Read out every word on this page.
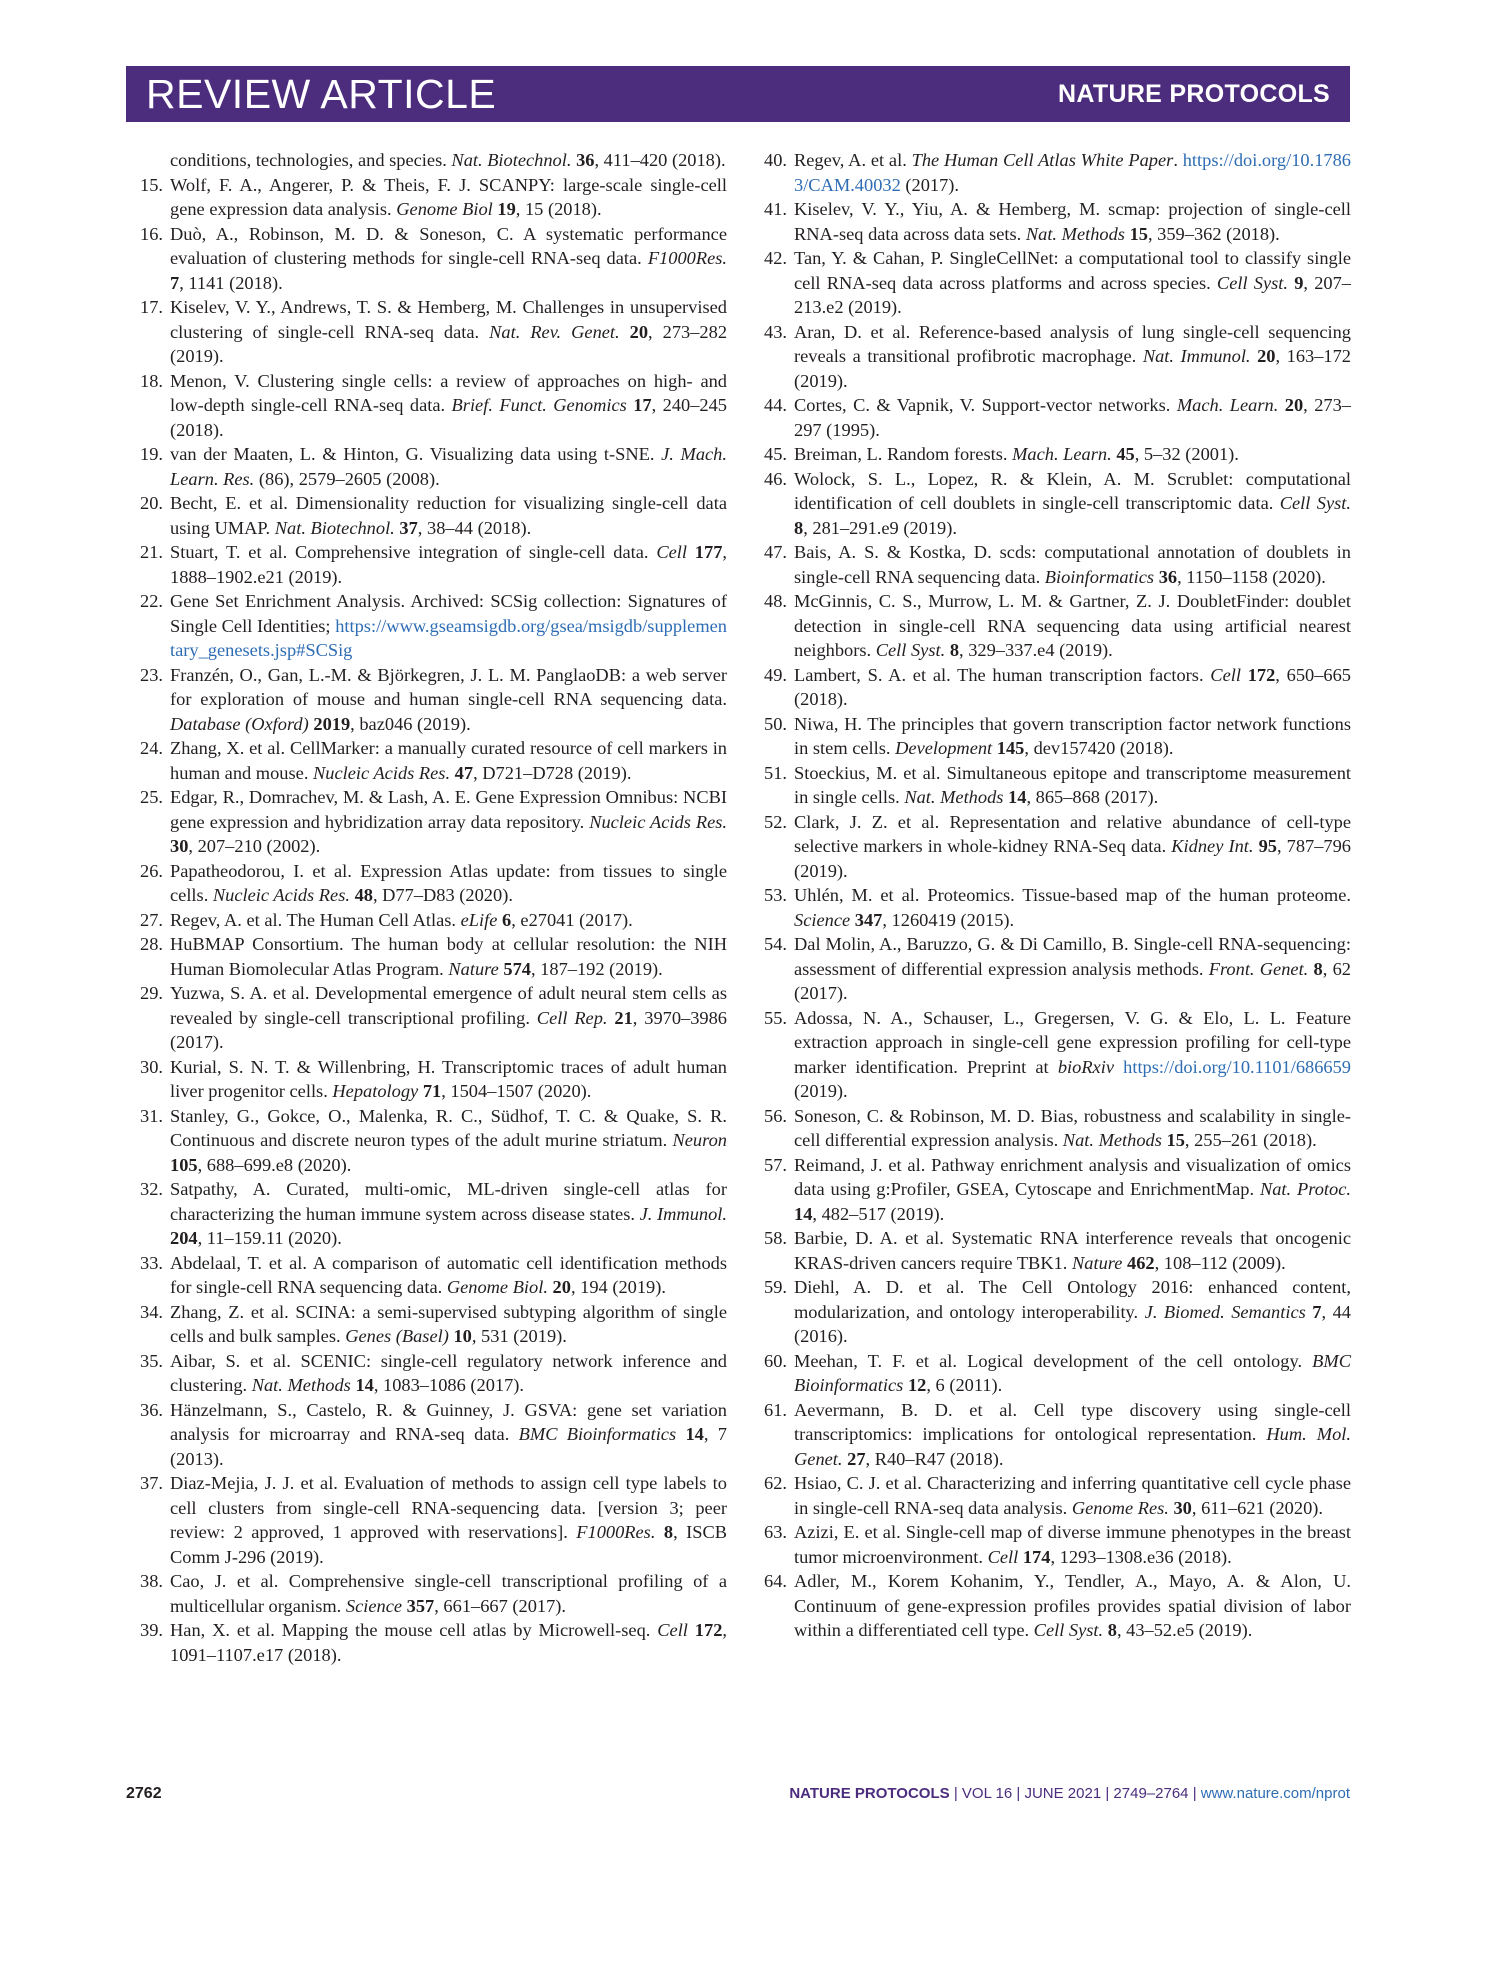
REVIEW ARTICLE	NATURE PROTOCOLS
conditions, technologies, and species. Nat. Biotechnol. 36, 411–420 (2018).
15. Wolf, F. A., Angerer, P. & Theis, F. J. SCANPY: large-scale single-cell gene expression data analysis. Genome Biol 19, 15 (2018).
16. Duò, A., Robinson, M. D. & Soneson, C. A systematic performance evaluation of clustering methods for single-cell RNA-seq data. F1000Res. 7, 1141 (2018).
17. Kiselev, V. Y., Andrews, T. S. & Hemberg, M. Challenges in unsupervised clustering of single-cell RNA-seq data. Nat. Rev. Genet. 20, 273–282 (2019).
18. Menon, V. Clustering single cells: a review of approaches on high- and low-depth single-cell RNA-seq data. Brief. Funct. Genomics 17, 240–245 (2018).
19. van der Maaten, L. & Hinton, G. Visualizing data using t-SNE. J. Mach. Learn. Res. (86), 2579–2605 (2008).
20. Becht, E. et al. Dimensionality reduction for visualizing single-cell data using UMAP. Nat. Biotechnol. 37, 38–44 (2018).
21. Stuart, T. et al. Comprehensive integration of single-cell data. Cell 177, 1888–1902.e21 (2019).
22. Gene Set Enrichment Analysis. Archived: SCSig collection: Signatures of Single Cell Identities; https://www.gseamsigdb.org/gsea/msigdb/supplementary_genesets.jsp#SCSig
23. Franzén, O., Gan, L.-M. & Björkegren, J. L. M. PanglaoDB: a web server for exploration of mouse and human single-cell RNA sequencing data. Database (Oxford) 2019, baz046 (2019).
24. Zhang, X. et al. CellMarker: a manually curated resource of cell markers in human and mouse. Nucleic Acids Res. 47, D721–D728 (2019).
25. Edgar, R., Domrachev, M. & Lash, A. E. Gene Expression Omnibus: NCBI gene expression and hybridization array data repository. Nucleic Acids Res. 30, 207–210 (2002).
26. Papatheodorou, I. et al. Expression Atlas update: from tissues to single cells. Nucleic Acids Res. 48, D77–D83 (2020).
27. Regev, A. et al. The Human Cell Atlas. eLife 6, e27041 (2017).
28. HuBMAP Consortium. The human body at cellular resolution: the NIH Human Biomolecular Atlas Program. Nature 574, 187–192 (2019).
29. Yuzwa, S. A. et al. Developmental emergence of adult neural stem cells as revealed by single-cell transcriptional profiling. Cell Rep. 21, 3970–3986 (2017).
30. Kurial, S. N. T. & Willenbring, H. Transcriptomic traces of adult human liver progenitor cells. Hepatology 71, 1504–1507 (2020).
31. Stanley, G., Gokce, O., Malenka, R. C., Südhof, T. C. & Quake, S. R. Continuous and discrete neuron types of the adult murine striatum. Neuron 105, 688–699.e8 (2020).
32. Satpathy, A. Curated, multi-omic, ML-driven single-cell atlas for characterizing the human immune system across disease states. J. Immunol. 204, 11–159.11 (2020).
33. Abdelaal, T. et al. A comparison of automatic cell identification methods for single-cell RNA sequencing data. Genome Biol. 20, 194 (2019).
34. Zhang, Z. et al. SCINA: a semi-supervised subtyping algorithm of single cells and bulk samples. Genes (Basel) 10, 531 (2019).
35. Aibar, S. et al. SCENIC: single-cell regulatory network inference and clustering. Nat. Methods 14, 1083–1086 (2017).
36. Hänzelmann, S., Castelo, R. & Guinney, J. GSVA: gene set variation analysis for microarray and RNA-seq data. BMC Bioinformatics 14, 7 (2013).
37. Diaz-Mejia, J. J. et al. Evaluation of methods to assign cell type labels to cell clusters from single-cell RNA-sequencing data. [version 3; peer review: 2 approved, 1 approved with reservations]. F1000Res. 8, ISCB Comm J-296 (2019).
38. Cao, J. et al. Comprehensive single-cell transcriptional profiling of a multicellular organism. Science 357, 661–667 (2017).
39. Han, X. et al. Mapping the mouse cell atlas by Microwell-seq. Cell 172, 1091–1107.e17 (2018).
40. Regev, A. et al. The Human Cell Atlas White Paper. https://doi.org/10.17863/CAM.40032 (2017).
41. Kiselev, V. Y., Yiu, A. & Hemberg, M. scmap: projection of single-cell RNA-seq data across data sets. Nat. Methods 15, 359–362 (2018).
42. Tan, Y. & Cahan, P. SingleCellNet: a computational tool to classify single cell RNA-seq data across platforms and across species. Cell Syst. 9, 207–213.e2 (2019).
43. Aran, D. et al. Reference-based analysis of lung single-cell sequencing reveals a transitional profibrotic macrophage. Nat. Immunol. 20, 163–172 (2019).
44. Cortes, C. & Vapnik, V. Support-vector networks. Mach. Learn. 20, 273–297 (1995).
45. Breiman, L. Random forests. Mach. Learn. 45, 5–32 (2001).
46. Wolock, S. L., Lopez, R. & Klein, A. M. Scrublet: computational identification of cell doublets in single-cell transcriptomic data. Cell Syst. 8, 281–291.e9 (2019).
47. Bais, A. S. & Kostka, D. scds: computational annotation of doublets in single-cell RNA sequencing data. Bioinformatics 36, 1150–1158 (2020).
48. McGinnis, C. S., Murrow, L. M. & Gartner, Z. J. DoubletFinder: doublet detection in single-cell RNA sequencing data using artificial nearest neighbors. Cell Syst. 8, 329–337.e4 (2019).
49. Lambert, S. A. et al. The human transcription factors. Cell 172, 650–665 (2018).
50. Niwa, H. The principles that govern transcription factor network functions in stem cells. Development 145, dev157420 (2018).
51. Stoeckius, M. et al. Simultaneous epitope and transcriptome measurement in single cells. Nat. Methods 14, 865–868 (2017).
52. Clark, J. Z. et al. Representation and relative abundance of cell-type selective markers in whole-kidney RNA-Seq data. Kidney Int. 95, 787–796 (2019).
53. Uhlén, M. et al. Proteomics. Tissue-based map of the human proteome. Science 347, 1260419 (2015).
54. Dal Molin, A., Baruzzo, G. & Di Camillo, B. Single-cell RNA-sequencing: assessment of differential expression analysis methods. Front. Genet. 8, 62 (2017).
55. Adossa, N. A., Schauser, L., Gregersen, V. G. & Elo, L. L. Feature extraction approach in single-cell gene expression profiling for cell-type marker identification. Preprint at bioRxiv https://doi.org/10.1101/686659 (2019).
56. Soneson, C. & Robinson, M. D. Bias, robustness and scalability in single-cell differential expression analysis. Nat. Methods 15, 255–261 (2018).
57. Reimand, J. et al. Pathway enrichment analysis and visualization of omics data using g:Profiler, GSEA, Cytoscape and EnrichmentMap. Nat. Protoc. 14, 482–517 (2019).
58. Barbie, D. A. et al. Systematic RNA interference reveals that oncogenic KRAS-driven cancers require TBK1. Nature 462, 108–112 (2009).
59. Diehl, A. D. et al. The Cell Ontology 2016: enhanced content, modularization, and ontology interoperability. J. Biomed. Semantics 7, 44 (2016).
60. Meehan, T. F. et al. Logical development of the cell ontology. BMC Bioinformatics 12, 6 (2011).
61. Aevermann, B. D. et al. Cell type discovery using single-cell transcriptomics: implications for ontological representation. Hum. Mol. Genet. 27, R40–R47 (2018).
62. Hsiao, C. J. et al. Characterizing and inferring quantitative cell cycle phase in single-cell RNA-seq data analysis. Genome Res. 30, 611–621 (2020).
63. Azizi, E. et al. Single-cell map of diverse immune phenotypes in the breast tumor microenvironment. Cell 174, 1293–1308.e36 (2018).
64. Adler, M., Korem Kohanim, Y., Tendler, A., Mayo, A. & Alon, U. Continuum of gene-expression profiles provides spatial division of labor within a differentiated cell type. Cell Syst. 8, 43–52.e5 (2019).
2762	NATURE PROTOCOLS | VOL 16 | JUNE 2021 | 2749–2764 | www.nature.com/nprot
